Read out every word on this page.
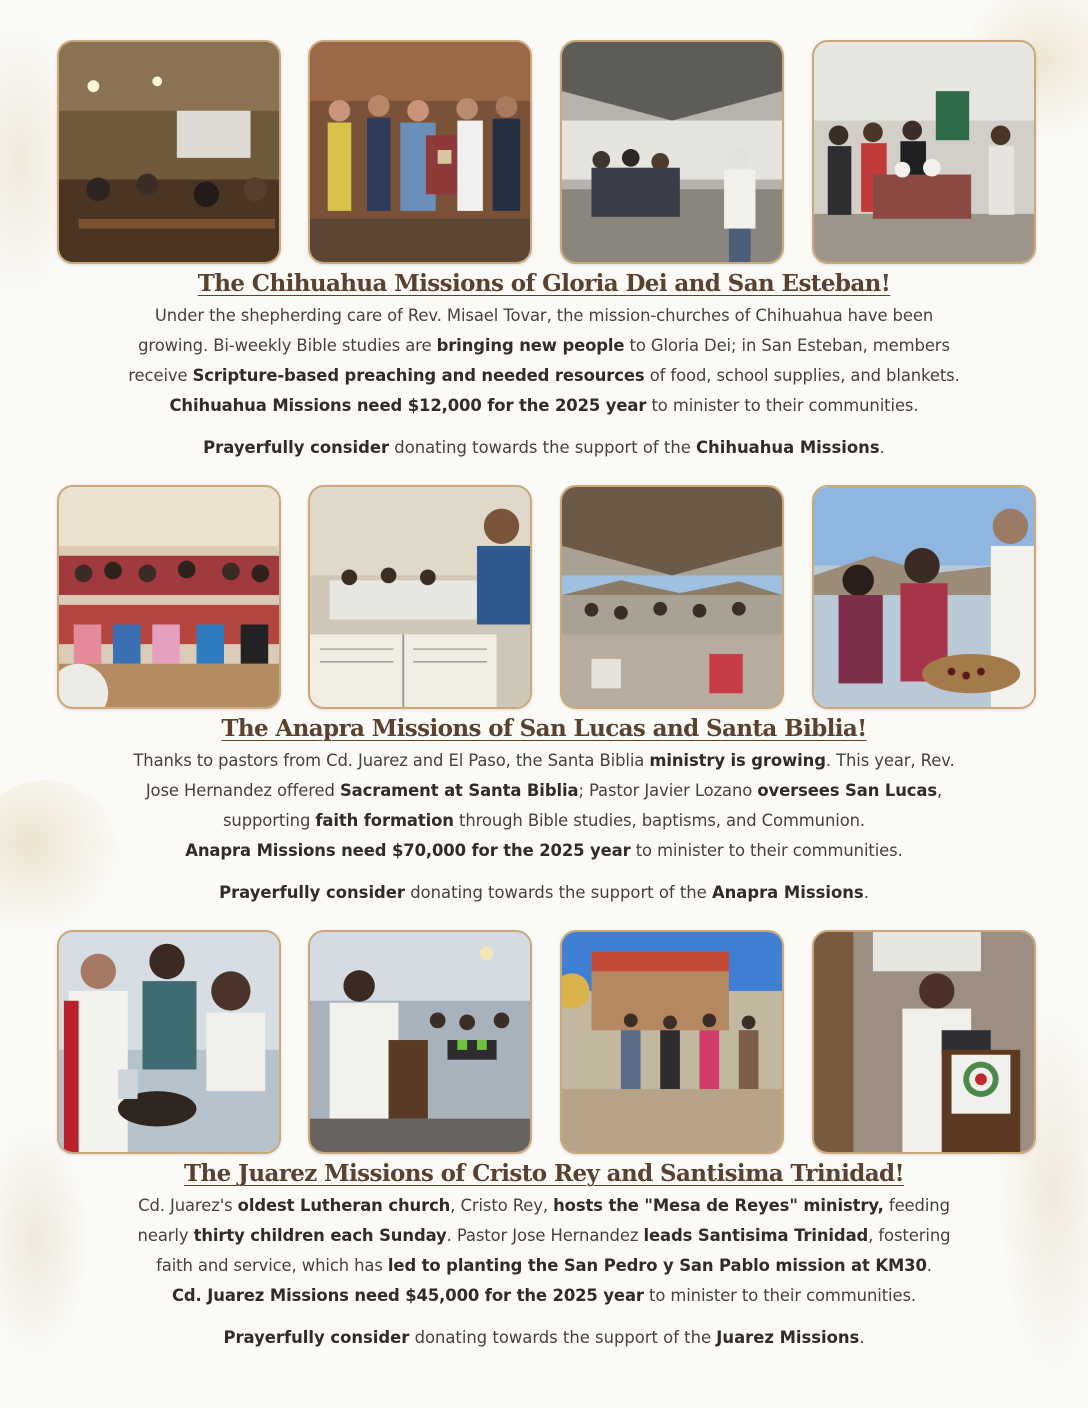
The Chihuahua Missions of Gloria Dei and San Esteban!
Under the shepherding care of Rev. Misael Tovar, the mission-churches of Chihuahua have been
growing. Bi-weekly Bible studies are bringing new people to Gloria Dei; in San Esteban, members
receive Scripture-based preaching and needed resources of food, school supplies, and blankets.
Chihuahua Missions need $12,000 for the 2025 year to minister to their communities.
Prayerfully consider donating towards the support of the Chihuahua Missions.
The Anapra Missions of San Lucas and Santa Biblia!
Thanks to pastors from Cd. Juarez and El Paso, the Santa Biblia ministry is growing. This year, Rev.
Jose Hernandez offered Sacrament at Santa Biblia; Pastor Javier Lozano oversees San Lucas,
supporting faith formation through Bible studies, baptisms, and Communion.
Anapra Missions need $70,000 for the 2025 year to minister to their communities.
Prayerfully consider donating towards the support of the Anapra Missions.
The Juarez Missions of Cristo Rey and Santisima Trinidad!
Cd. Juarez's oldest Lutheran church, Cristo Rey, hosts the "Mesa de Reyes" ministry, feeding
nearly thirty children each Sunday. Pastor Jose Hernandez leads Santisima Trinidad, fostering
faith and service, which has led to planting the San Pedro y San Pablo mission at KM30.
Cd. Juarez Missions need $45,000 for the 2025 year to minister to their communities.
Prayerfully consider donating towards the support of the Juarez Missions.
